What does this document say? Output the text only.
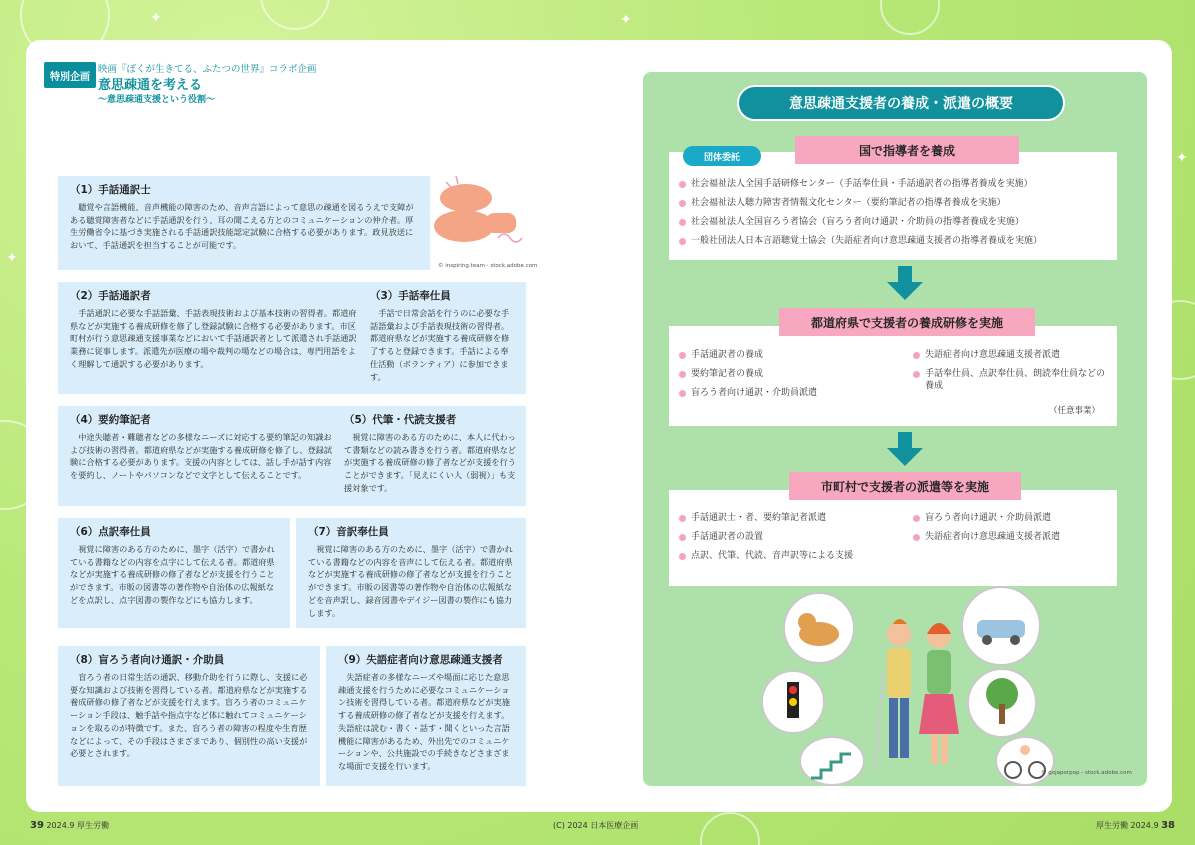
✦	✦
✦
✦
特別企画
映画『ぼくが生きてる、ふたつの世界』コラボ企画
意思疎通を考える
〜意思疎通支援という役割〜
（1）手話通訳士

聴覚や言語機能、音声機能の障害のため、音声言語によって意思の疎通を図るうえで支障がある聴覚障害者などに手話通訳を行う、耳の聞こえる方とのコミュニケーションの仲介者。厚生労働省令に基づき実施される手話通訳技能認定試験に合格する必要があります。政見放送において、手話通訳を担当することが可能です。

© inspiring.team - stock.adobe.com
（2）手話通訳者

手話通訳に必要な手話語彙、手話表現技術および基本技術の習得者。都道府県などが実施する養成研修を修了し登録試験に合格する必要があります。市区町村が行う意思疎通支援事業などにおいて手話通訳者として派遣され手話通訳業務に従事します。派遣先が医療の場や裁判の場などの場合は、専門用語をよく理解して通訳する必要があります。

（3）手話奉仕員

手話で日常会話を行うのに必要な手話語彙および手話表現技術の習得者。都道府県などが実施する養成研修を修了すると登録できます。手話による奉仕活動（ボランティア）に参加できます。

（4）要約筆記者

中途失聴者・難聴者などの多様なニーズに対応する要約筆記の知識および技術の習得者。都道府県などが実施する養成研修を修了し、登録試験に合格する必要があります。支援の内容としては、話し手が話す内容を要約し、ノートやパソコンなどで文字として伝えることです。

（5）代筆・代読支援者

視覚に障害のある方のために、本人に代わって書類などの読み書きを行う者。都道府県などが実施する養成研修の修了者などが支援を行うことができます。「見えにくい人（弱視）」も支援対象です。

（6）点訳奉仕員

視覚に障害のある方のために、墨字（活字）で書かれている書籍などの内容を点字にして伝える者。都道府県などが実施する養成研修の修了者などが支援を行うことができます。市販の図書等の著作物や自治体の広報紙などを点訳し、点字図書の製作などにも協力します。

（7）音訳奉仕員

視覚に障害のある方のために、墨字（活字）で書かれている書籍などの内容を音声にして伝える者。都道府県などが実施する養成研修の修了者などが支援を行うことができます。市販の図書等の著作物や自治体の広報紙などを音声訳し、録音図書やデイジー図書の製作にも協力します。

（8）盲ろう者向け通訳・介助員

盲ろう者の日常生活の通訳、移動介助を行うに際し、支援に必要な知識および技術を習得している者。都道府県などが実施する養成研修の修了者などが支援を行えます。盲ろう者のコミュニケーション手段は、触手話や指点字など体に触れてコミュニケーションを取るのが特徴です。また、盲ろう者の障害の程度や生育歴などによって、その手段はさまざまであり、個別性の高い支援が必要とされます。

（9）失語症者向け意思疎通支援者

失語症者の多様なニーズや場面に応じた意思疎通支援を行うために必要なコミュニケーション技術を習得している者。都道府県などが実施する養成研修の修了者などが支援を行えます。失語症は読む・書く・話す・聞くといった言語機能に障害があるため、外出先でのコミュニケーションや、公共施設での手続きなどさまざまな場面で支援を行います。

意思疎通支援者の養成・派遣の概要
国で指導者を養成
団体委託
社会福祉法人全国手話研修センター（手話奉仕員・手話通訳者の指導者養成を実施）
社会福祉法人聴力障害者情報文化センター（要約筆記者の指導者養成を実施）
社会福祉法人全国盲ろう者協会（盲ろう者向け通訳・介助員の指導者養成を実施）
一般社団法人日本言語聴覚士協会（失語症者向け意思疎通支援者の指導者養成を実施）
都道府県で支援者の養成研修を実施
手話通訳者の養成
要約筆記者の養成
盲ろう者向け通訳・介助員派遣
失語症者向け意思疎通支援者派遣
手話奉仕員、点訳奉仕員、朗読奉仕員などの養成
（任意事業）
市町村で支援者の派遣等を実施
手話通訳士・者、要約筆記者派遣
手話通訳者の設置
点訳、代筆、代読、音声訳等による支援
盲ろう者向け通訳・介助員派遣
失語症者向け意思疎通支援者派遣
© gojaporpop - stock.adobe.com
39 2024.9 厚生労働	(C) 2024 日本医療企画	厚生労働 2024.9 38
